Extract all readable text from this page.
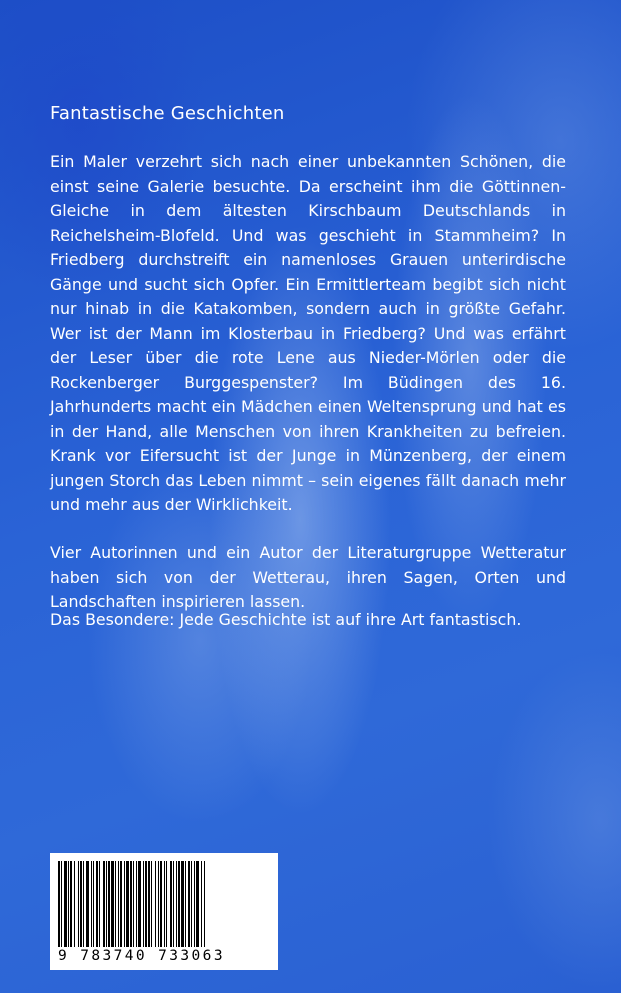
Fantastische Geschichten

Ein Maler verzehrt sich nach einer unbekannten Schönen, die einst seine Galerie besuchte. Da erscheint ihm die Göttinnen-Gleiche in dem ältesten Kirschbaum Deutschlands in Reichelsheim-Blofeld. Und was geschieht in Stammheim? In Friedberg durchstreift ein namenloses Grauen unterirdische Gänge und sucht sich Opfer. Ein Ermittlerteam begibt sich nicht nur hinab in die Katakomben, sondern auch in größte Gefahr. Wer ist der Mann im Klosterbau in Friedberg? Und was erfährt der Leser über die rote Lene aus Nieder-Mörlen oder die Rockenberger Burggespenster? Im Büdingen des 16. Jahrhunderts macht ein Mädchen einen Weltensprung und hat es in der Hand, alle Menschen von ihren Krankheiten zu befreien. Krank vor Eifersucht ist der Junge in Münzenberg, der einem jungen Storch das Leben nimmt – sein eigenes fällt danach mehr und mehr aus der Wirklichkeit.

Vier Autorinnen und ein Autor der Literaturgruppe Wetteratur haben sich von der Wetterau, ihren Sagen, Orten und Landschaften inspirieren lassen.

Das Besondere: Jede Geschichte ist auf ihre Art fantastisch.

9 783740 733063
